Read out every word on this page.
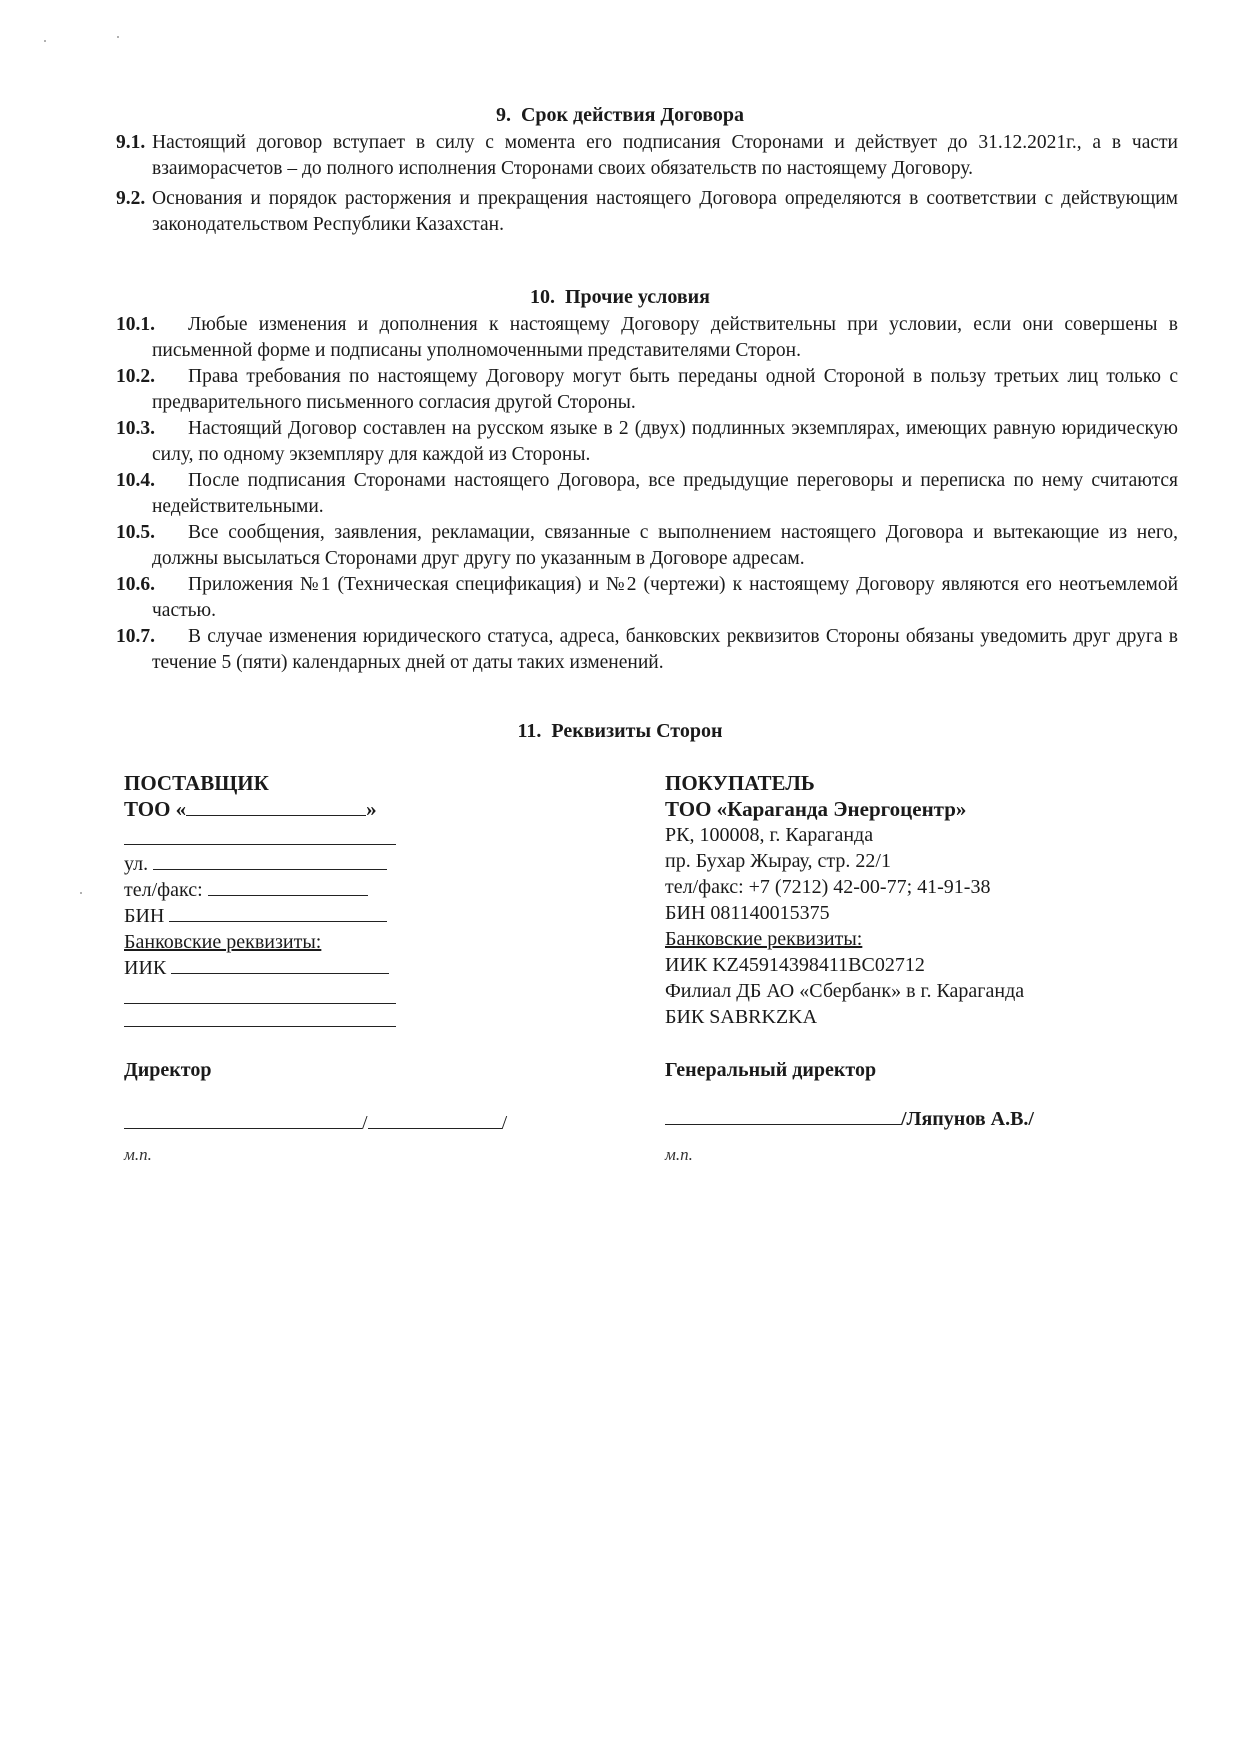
9. Срок действия Договора
9.1. Настоящий договор вступает в силу с момента его подписания Сторонами и действует до 31.12.2021г., а в части взаиморасчетов – до полного исполнения Сторонами своих обязательств по настоящему Договору.
9.2. Основания и порядок расторжения и прекращения настоящего Договора определяются в соответствии с действующим законодательством Республики Казахстан.
10. Прочие условия
10.1.	Любые изменения и дополнения к настоящему Договору действительны при условии, если они совершены в письменной форме и подписаны уполномоченными представителями Сторон.
10.2.	Права требования по настоящему Договору могут быть переданы одной Стороной в пользу третьих лиц только с предварительного письменного согласия другой Стороны.
10.3.	Настоящий Договор составлен на русском языке в 2 (двух) подлинных экземплярах, имеющих равную юридическую силу, по одному экземпляру для каждой из Стороны.
10.4.	После подписания Сторонами настоящего Договора, все предыдущие переговоры и переписка по нему считаются недействительными.
10.5.	Все сообщения, заявления, рекламации, связанные с выполнением настоящего Договора и вытекающие из него, должны высылаться Сторонами друг другу по указанным в Договоре адресам.
10.6.	Приложения №1 (Техническая спецификация) и №2 (чертежи) к настоящему Договору являются его неотъемлемой частью.
10.7.	В случае изменения юридического статуса, адреса, банковских реквизитов Стороны обязаны уведомить друг друга в течение 5 (пяти) календарных дней от даты таких изменений.
11. Реквизиты Сторон
ПОСТАВЩИК
ТОО «	»
ул.
тел/факс:
БИН
Банковские реквизиты:
ИИК
Директор
/	/
м.п.
ПОКУПАТЕЛЬ
ТОО «Караганда Энергоцентр»
РК, 100008, г. Караганда
пр. Бухар Жырау, стр. 22/1
тел/факс: +7 (7212) 42-00-77; 41-91-38
БИН 081140015375
Банковские реквизиты:
ИИК KZ45914398411BC02712
Филиал ДБ АО «Сбербанк» в г. Караганда
БИК SABRKZKA
Генеральный директор
/Ляпунов А.В./
м.п.
